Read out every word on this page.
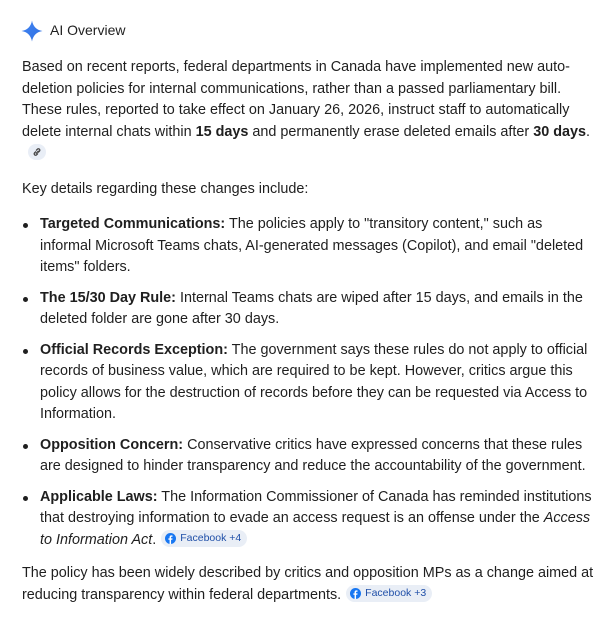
AI Overview

Based on recent reports, federal departments in Canada have implemented new auto-deletion policies for internal communications, rather than a passed parliamentary bill. These rules, reported to take effect on January 26, 2026, instruct staff to automatically delete internal chats within 15 days and permanently erase deleted emails after 30 days.

Key details regarding these changes include:

Targeted Communications: The policies apply to "transitory content," such as informal Microsoft Teams chats, AI-generated messages (Copilot), and email "deleted items" folders.
The 15/30 Day Rule: Internal Teams chats are wiped after 15 days, and emails in the deleted folder are gone after 30 days.
Official Records Exception: The government says these rules do not apply to official records of business value, which are required to be kept. However, critics argue this policy allows for the destruction of records before they can be requested via Access to Information.
Opposition Concern: Conservative critics have expressed concerns that these rules are designed to hinder transparency and reduce the accountability of the government.
Applicable Laws: The Information Commissioner of Canada has reminded institutions that destroying information to evade an access request is an offense under the Access to Information Act. Facebook +4

The policy has been widely described by critics and opposition MPs as a change aimed at reducing transparency within federal departments. Facebook +3
